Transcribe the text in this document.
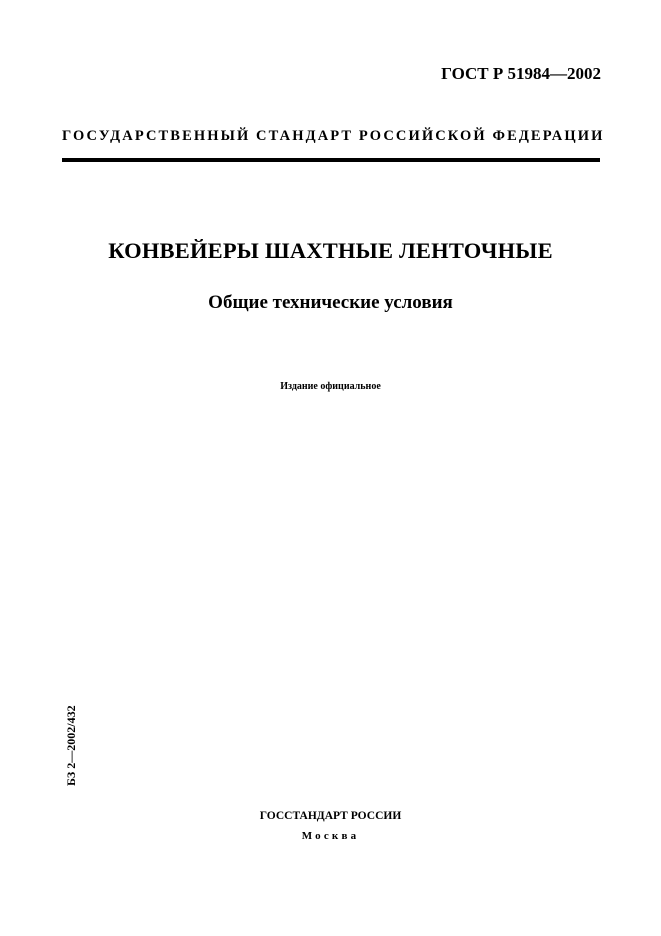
ГОСТ Р 51984—2002
ГОСУДАРСТВЕННЫЙ СТАНДАРТ РОССИЙСКОЙ ФЕДЕРАЦИИ
КОНВЕЙЕРЫ ШАХТНЫЕ ЛЕНТОЧНЫЕ
Общие технические условия
Издание официальное
БЗ 2—2002/432
ГОССТАНДАРТ РОССИИ
Москва
